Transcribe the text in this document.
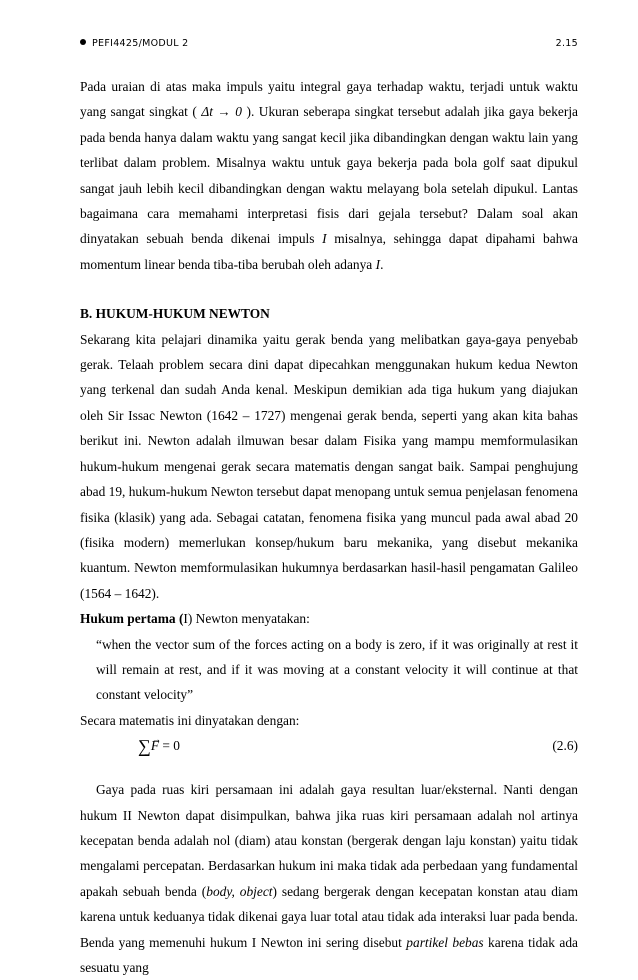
PEFI4425/MODUL 2	2.15

Pada uraian di atas maka impuls yaitu integral gaya terhadap waktu, terjadi untuk waktu yang sangat singkat ( Δt → 0 ). Ukuran seberapa singkat tersebut adalah jika gaya bekerja pada benda hanya dalam waktu yang sangat kecil jika dibandingkan dengan waktu lain yang terlibat dalam problem. Misalnya waktu untuk gaya bekerja pada bola golf saat dipukul sangat jauh lebih kecil dibandingkan dengan waktu melayang bola setelah dipukul. Lantas bagaimana cara memahami interpretasi fisis dari gejala tersebut? Dalam soal akan dinyatakan sebuah benda dikenai impuls I misalnya, sehingga dapat dipahami bahwa momentum linear benda tiba-tiba berubah oleh adanya I.

B. HUKUM-HUKUM NEWTON

Sekarang kita pelajari dinamika yaitu gerak benda yang melibatkan gaya-gaya penyebab gerak. Telaah problem secara dini dapat dipecahkan menggunakan hukum kedua Newton yang terkenal dan sudah Anda kenal. Meskipun demikian ada tiga hukum yang diajukan oleh Sir Issac Newton (1642 – 1727) mengenai gerak benda, seperti yang akan kita bahas berikut ini. Newton adalah ilmuwan besar dalam Fisika yang mampu memformulasikan hukum-hukum mengenai gerak secara matematis dengan sangat baik. Sampai penghujung abad 19, hukum-hukum Newton tersebut dapat menopang untuk semua penjelasan fenomena fisika (klasik) yang ada. Sebagai catatan, fenomena fisika yang muncul pada awal abad 20 (fisika modern) memerlukan konsep/hukum baru mekanika, yang disebut mekanika kuantum. Newton memformulasikan hukumnya berdasarkan hasil-hasil pengamatan Galileo (1564 – 1642).

Hukum pertama (I) Newton menyatakan:

“when the vector sum of the forces acting on a body is zero, if it was originally at rest it will remain at rest, and if it was moving at a constant velocity it will continue at that constant velocity”

Secara matematis ini dinyatakan dengan:
∑→ F = 0	(2.6)

Gaya pada ruas kiri persamaan ini adalah gaya resultan luar/eksternal. Nanti dengan hukum II Newton dapat disimpulkan, bahwa jika ruas kiri persamaan adalah nol artinya kecepatan benda adalah nol (diam) atau konstan (bergerak dengan laju konstan) yaitu tidak mengalami percepatan. Berdasarkan hukum ini maka tidak ada perbedaan yang fundamental apakah sebuah benda (body, object) sedang bergerak dengan kecepatan konstan atau diam karena untuk keduanya tidak dikenai gaya luar total atau tidak ada interaksi luar pada benda. Benda yang memenuhi hukum I Newton ini sering disebut partikel bebas karena tidak ada sesuatu yang
